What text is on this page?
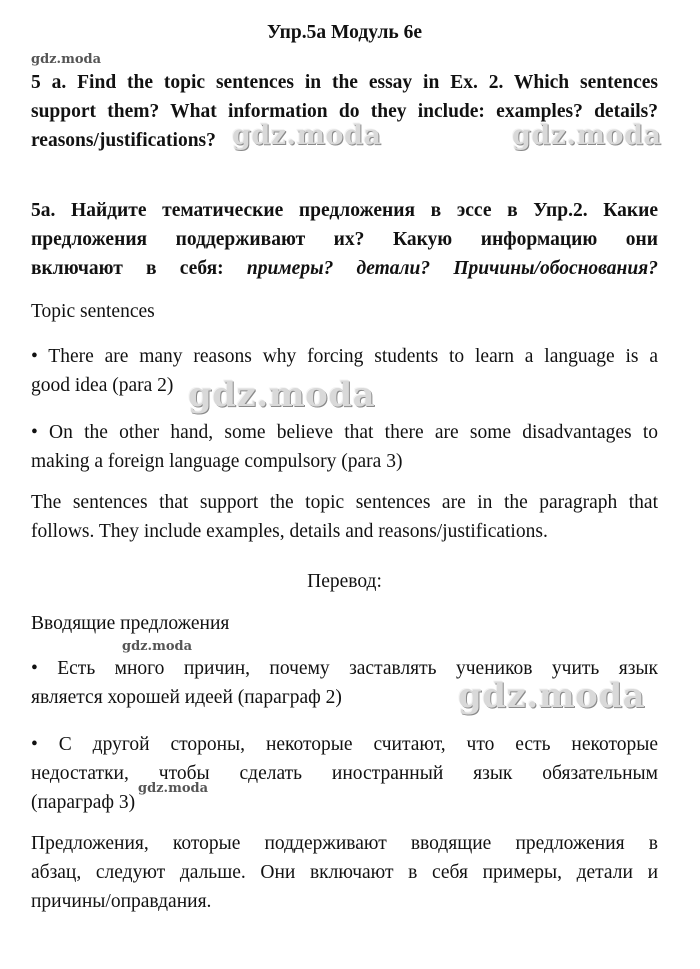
Упр.5a Модуль 6e
gdz.moda
5 a. Find the topic sentences in the essay in Ex. 2. Which sentences
support them? What information do they include: examples? details?
reasons/justifications? gdz.moda	gdz.moda
5a. Найдите тематические предложения в эссе в Упр.2. Какие
предложения поддерживают их? Какую информацию они
включают в себя: примеры? детали? Причины/обоснования?
Topic sentences
• There are many reasons why forcing students to learn a language is a
good idea (para 2) gdz.moda
• On the other hand, some believe that there are some disadvantages to
making a foreign language compulsory (para 3)
The sentences that support the topic sentences are in the paragraph that
follows. They include examples, details and reasons/justifications.
Перевод:
Вводящие предложения
gdz.moda
• Есть много причин, почему заставлять учеников учить язык
является хорошей идеей (параграф 2)	gdz.moda
• С другой стороны, некоторые считают, что есть некоторые
недостатки, чтобы сделать иностранный язык обязательным
(параграф 3)
gdz.moda
Предложения, которые поддерживают вводящие предложения в
абзац, следуют дальше. Они включают в себя примеры, детали и
причины/оправдания.
